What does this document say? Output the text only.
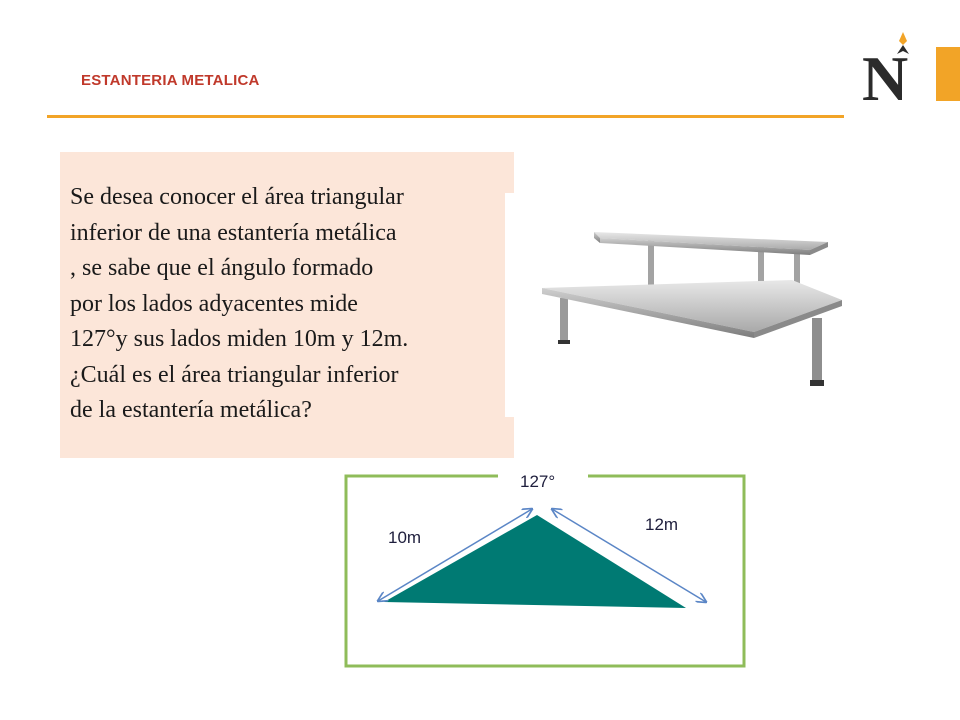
ESTANTERIA METALICA	N

Se desea conocer el área triangular
inferior de una estantería metálica
, se sabe que el ángulo formado
por los lados adyacentes mide
127°y sus lados miden 10m y 12m.
¿Cuál es el área triangular inferior
de la estantería metálica?

127°
10m
12m
